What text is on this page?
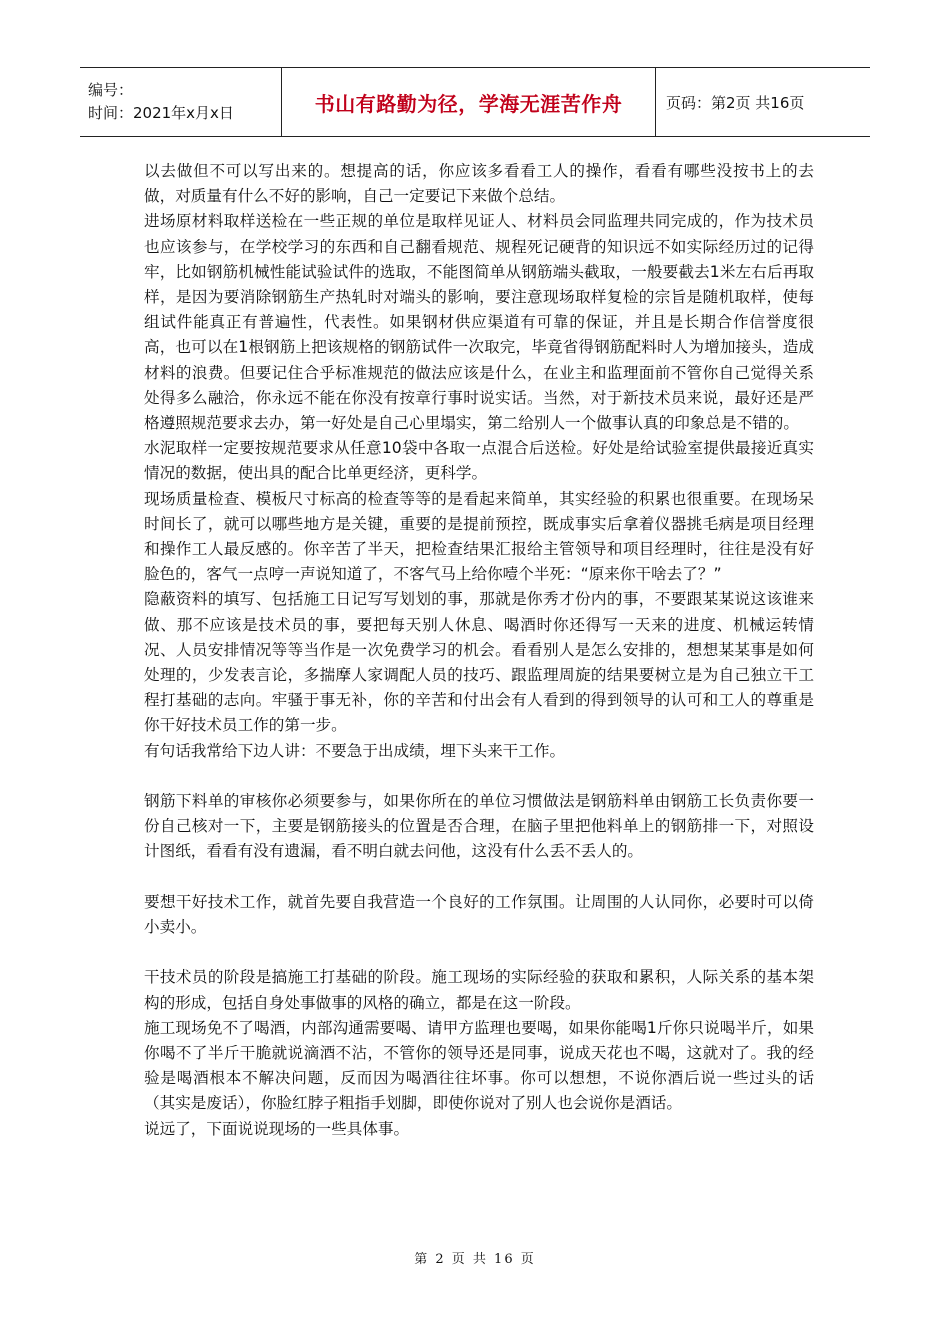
编号：
时间：2021年x月x日	书山有路勤为径，学海无涯苦作舟	页码：第2页 共16页

以去做但不可以写出来的。想提高的话，你应该多看看工人的操作，看看有哪些没按书上的去做，对质量有什么不好的影响，自己一定要记下来做个总结。

进场原材料取样送检在一些正规的单位是取样见证人、材料员会同监理共同完成的，作为技术员也应该参与，在学校学习的东西和自己翻看规范、规程死记硬背的知识远不如实际经历过的记得牢，比如钢筋机械性能试验试件的选取，不能图简单从钢筋端头截取，一般要截去1米左右后再取样，是因为要消除钢筋生产热轧时对端头的影响，要注意现场取样复检的宗旨是随机取样，使每组试件能真正有普遍性，代表性。如果钢材供应渠道有可靠的保证，并且是长期合作信誉度很高，也可以在1根钢筋上把该规格的钢筋试件一次取完，毕竟省得钢筋配料时人为增加接头，造成材料的浪费。但要记住合乎标准规范的做法应该是什么，在业主和监理面前不管你自己觉得关系处得多么融洽，你永远不能在你没有按章行事时说实话。当然，对于新技术员来说，最好还是严格遵照规范要求去办，第一好处是自己心里塌实，第二给别人一个做事认真的印象总是不错的。

水泥取样一定要按规范要求从任意10袋中各取一点混合后送检。好处是给试验室提供最接近真实情况的数据，使出具的配合比单更经济，更科学。

现场质量检查、模板尺寸标高的检查等等的是看起来简单，其实经验的积累也很重要。在现场呆时间长了，就可以哪些地方是关键，重要的是提前预控，既成事实后拿着仪器挑毛病是项目经理和操作工人最反感的。你辛苦了半天，把检查结果汇报给主管领导和项目经理时，往往是没有好脸色的，客气一点哼一声说知道了，不客气马上给你噎个半死：“原来你干啥去了？”

隐蔽资料的填写、包括施工日记写写划划的事，那就是你秀才份内的事，不要跟某某说这该谁来做、那不应该是技术员的事，要把每天别人休息、喝酒时你还得写一天来的进度、机械运转情况、人员安排情况等等当作是一次免费学习的机会。看看别人是怎么安排的，想想某某事是如何处理的，少发表言论，多揣摩人家调配人员的技巧、跟监理周旋的结果要树立是为自己独立干工程打基础的志向。牢骚于事无补，你的辛苦和付出会有人看到的得到领导的认可和工人的尊重是你干好技术员工作的第一步。

有句话我常给下边人讲：不要急于出成绩，埋下头来干工作。

钢筋下料单的审核你必须要参与，如果你所在的单位习惯做法是钢筋料单由钢筋工长负责你要一份自己核对一下，主要是钢筋接头的位置是否合理，在脑子里把他料单上的钢筋排一下，对照设计图纸，看看有没有遗漏，看不明白就去问他，这没有什么丢不丢人的。

要想干好技术工作，就首先要自我营造一个良好的工作氛围。让周围的人认同你，必要时可以倚小卖小。

干技术员的阶段是搞施工打基础的阶段。施工现场的实际经验的获取和累积，人际关系的基本架构的形成，包括自身处事做事的风格的确立，都是在这一阶段。

施工现场免不了喝酒，内部沟通需要喝、请甲方监理也要喝，如果你能喝1斤你只说喝半斤，如果你喝不了半斤干脆就说滴酒不沾，不管你的领导还是同事，说成天花也不喝，这就对了。我的经验是喝酒根本不解决问题，反而因为喝酒往往坏事。你可以想想，不说你酒后说一些过头的话（其实是废话），你脸红脖子粗指手划脚，即使你说对了别人也会说你是酒话。

说远了，下面说说现场的一些具体事。

第 2 页 共 16 页
